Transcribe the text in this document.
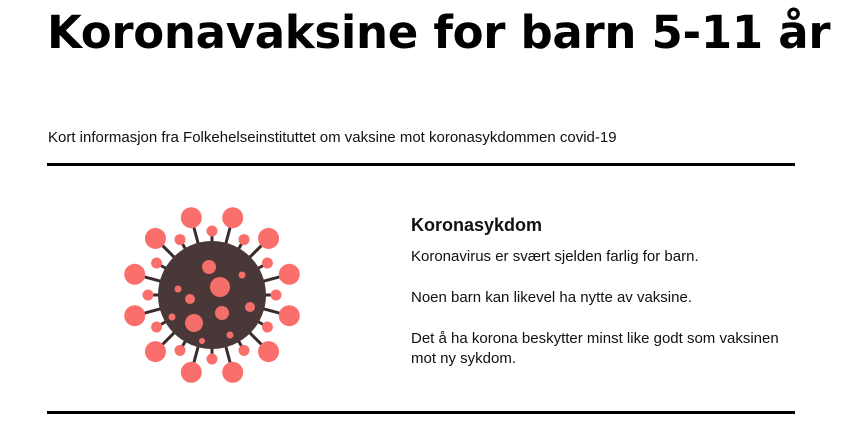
Koronavaksine for barn 5-11 år

Kort informasjon fra Folkehelseinstituttet om vaksine mot koronasykdommen covid-19

Koronasykdom

Koronavirus er svært sjelden farlig for barn.

Noen barn kan likevel ha nytte av vaksine.

Det å ha korona beskytter minst like godt som vaksinen mot ny sykdom.
